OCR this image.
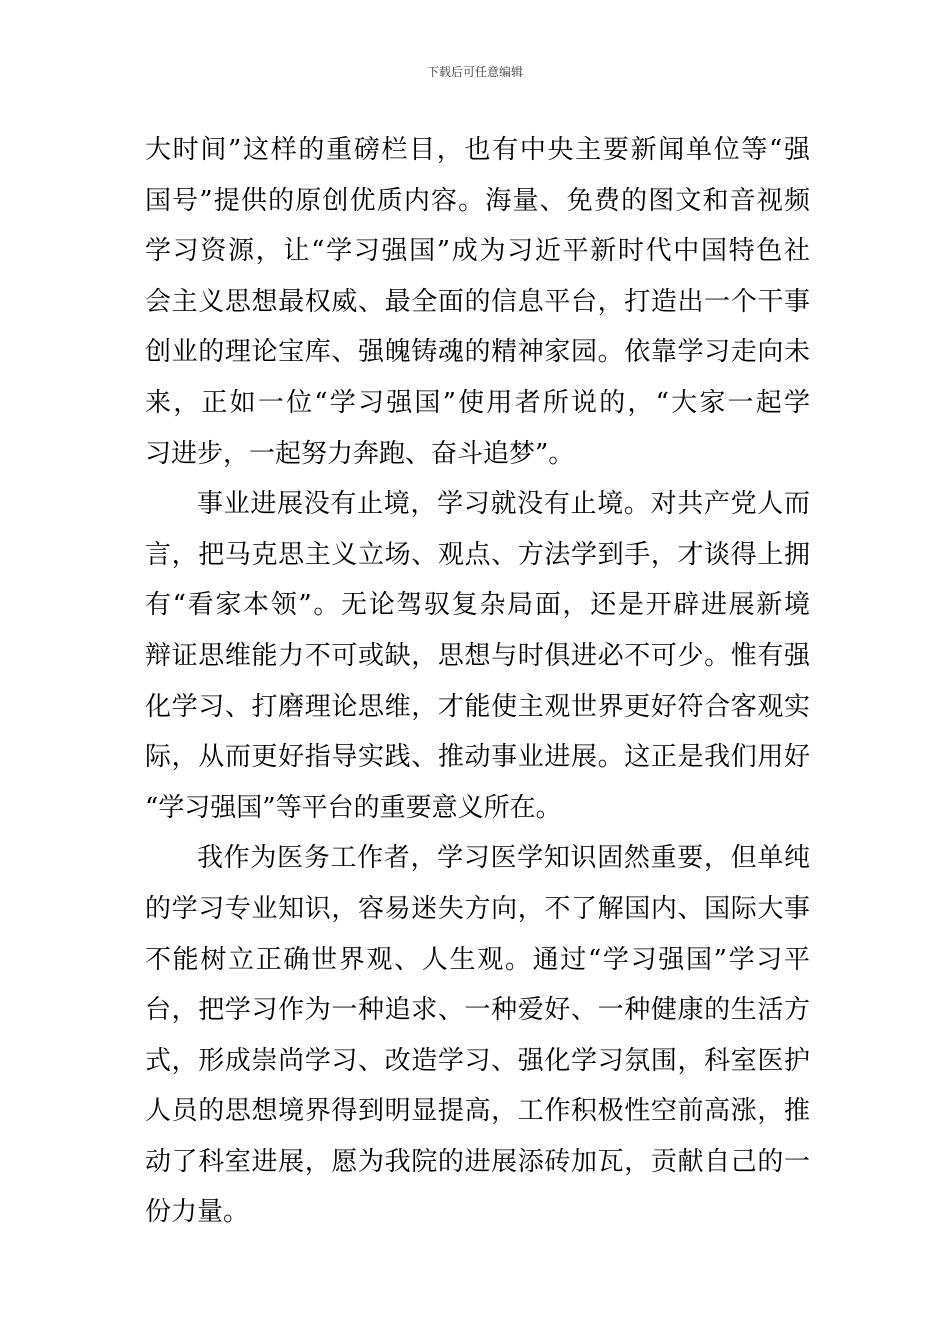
下载后可任意编辑
大时间”这样的重磅栏目，也有中央主要新闻单位等“强
国号”提供的原创优质内容。海量、免费的图文和音视频
学习资源，让“学习强国”成为习近平新时代中国特色社
会主义思想最权威、最全面的信息平台，打造出一个干事
创业的理论宝库、强魄铸魂的精神家园。依靠学习走向未
来，正如一位“学习强国”使用者所说的，“大家一起学
习进步，一起努力奔跑、奋斗追梦”。
事业进展没有止境，学习就没有止境。对共产党人而
言，把马克思主义立场、观点、方法学到手，才谈得上拥
有“看家本领”。无论驾驭复杂局面，还是开辟进展新境
辩证思维能力不可或缺，思想与时俱进必不可少。惟有强
化学习、打磨理论思维，才能使主观世界更好符合客观实
际，从而更好指导实践、推动事业进展。这正是我们用好
“学习强国”等平台的重要意义所在。
我作为医务工作者，学习医学知识固然重要，但单纯
的学习专业知识，容易迷失方向，不了解国内、国际大事
不能树立正确世界观、人生观。通过“学习强国”学习平
台，把学习作为一种追求、一种爱好、一种健康的生活方
式，形成崇尚学习、改造学习、强化学习氛围，科室医护
人员的思想境界得到明显提高，工作积极性空前高涨，推
动了科室进展，愿为我院的进展添砖加瓦，贡献自己的一
份力量。
